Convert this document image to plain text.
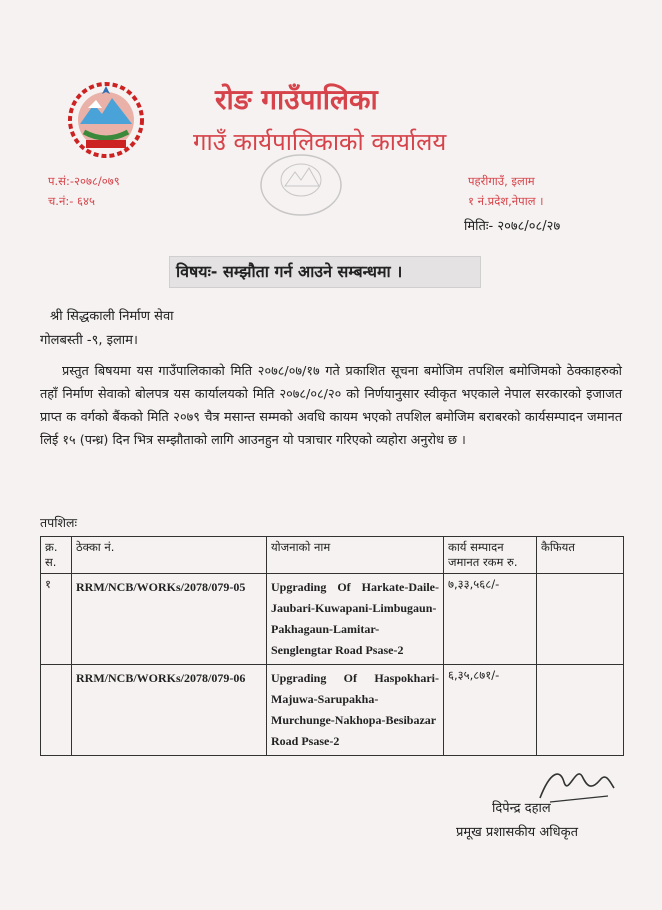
रोङ गाउँपालिका
गाउँ कार्यपालिकाको कार्यालय
प.सं:-२०७८/०७९
च.नं:- ६४५
पहरीगाउँ, इलाम
१ नं.प्रदेश,नेपाल ।
मितिः- २०७८/०८/२७
विषयः- सम्झौता गर्न आउने सम्बन्धमा ।
श्री सिद्धकाली निर्माण सेवा
गोलबस्ती -९, इलाम।
प्रस्तुत बिषयमा यस गाउँपालिकाको मिति २०७८/०७/१७ गते प्रकाशित सूचना बमोजिम तपशिल बमोजिमको ठेक्काहरुको तहाँ निर्माण सेवाको बोलपत्र यस कार्यालयको मिति २०७८/०८/२० को निर्णयानुसार स्वीकृत भएकाले नेपाल सरकारको इजाजत प्राप्त क वर्गको बैंकको मिति २०७९ चैत्र मसान्त सम्मको अवधि कायम भएको तपशिल बमोजिम बराबरको कार्यसम्पादन जमानत लिई १५ (पन्ध्र) दिन भित्र सम्झौताको लागि आउनहुन यो पत्राचार गरिएको व्यहोरा अनुरोध छ ।
तपशिलः
क्र. स.	ठेक्का नं.	योजनाको नाम	कार्य सम्पादन जमानत रकम रु.	कैफियत
१	RRM/NCB/WORKs/2078/079-05	Upgrading Of Harkate-Daile-Jaubari-Kuwapani-Limbugaun-Pakhagaun-Lamitar-Senglengtar Road Psase-2	७,३३,५६८/-	
	RRM/NCB/WORKs/2078/079-06	Upgrading Of Haspokhari-Majuwa-Sarupakha-Murchunge-Nakhopa-Besibazar Road Psase-2	६,३५,८७१/-	
दिपेन्द्र दहाल
प्रमूख प्रशासकीय अधिकृत
